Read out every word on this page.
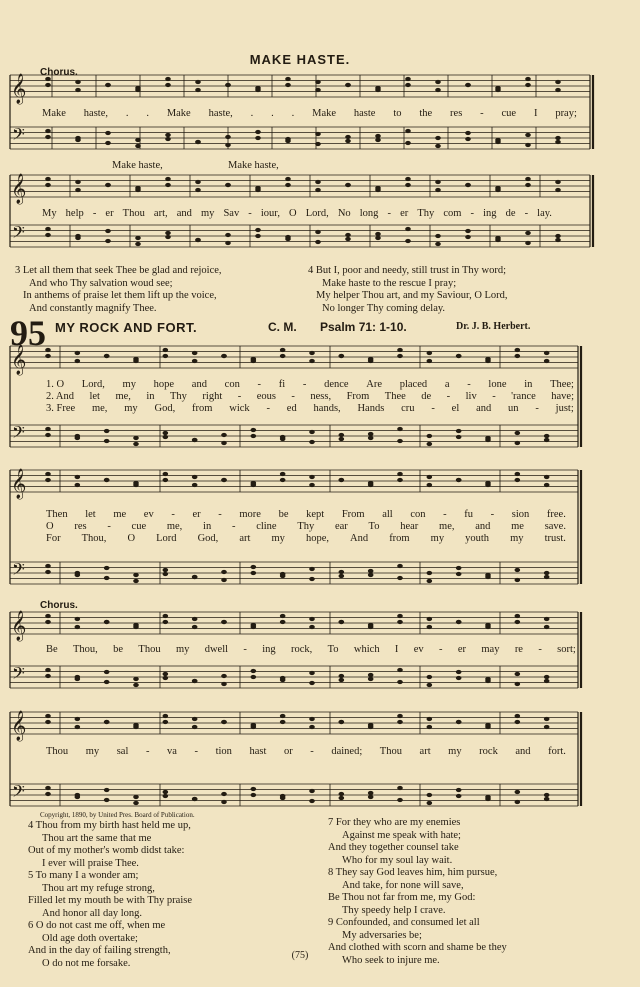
𝄞
𝄢
𝄞
𝄢
𝄞
𝄢
𝄞
𝄢
𝄞
𝄢
𝄞
𝄢
MAKE HASTE.
Chorus.
Make haste, . . Make haste, . . . Make haste to the res - cue I pray;
Make haste,	Make haste,
My help - er Thou art, and my Sav - iour, O Lord, No long - er Thy com - ing de - lay.
3 Let all them that seek Thee be glad and rejoice,
And who Thy salvation woud see;
In anthems of praise let them lift up the voice,
And constantly magnify Thee.
4 But I, poor and needy, still trust in Thy word;
Make haste to the rescue I pray;
My helper Thou art, and my Saviour, O Lord,
No longer Thy coming delay.
95 MY ROCK AND FORT.	C. M. Psalm 71: 1-10.	Dr. J. B. Herbert.
1. O Lord, my hope and con - fi - dence Are placed a - lone in Thee;
2. And let me, in Thy right - eous - ness, From Thee de - liv - 'rance have;
3. Free me, my God, from wick - ed hands, Hands cru - el and un - just;
Then let me ev - er - more be kept From all con - fu - sion free.
O res - cue me, in - cline Thy ear To hear me, and me save.
For Thou, O Lord God, art my hope, And from my youth my trust.
Chorus.
Be Thou, be Thou my dwell - ing rock, To which I ev - er may re - sort;
Thou my sal - va - tion hast or - dained; Thou art my rock and fort.
Copyright, 1890, by United Pres. Board of Publication.
4 Thou from my birth hast held me up,
Thou art the same that me
Out of my mother's womb didst take:
I ever will praise Thee.
5 To many I a wonder am;
Thou art my refuge strong,
Filled let my mouth be with Thy praise
And honor all day long.
6 O do not cast me off, when me
Old age doth overtake;
And in the day of failing strength,
O do not me forsake.
7 For they who are my enemies
Against me speak with hate;
And they together counsel take
Who for my soul lay wait.
8 They say God leaves him, him pursue,
And take, for none will save,
Be Thou not far from me, my God:
Thy speedy help I crave.
9 Confounded, and consumed let all
My adversaries be;
And clothed with scorn and shame be they
Who seek to injure me.
(75)
